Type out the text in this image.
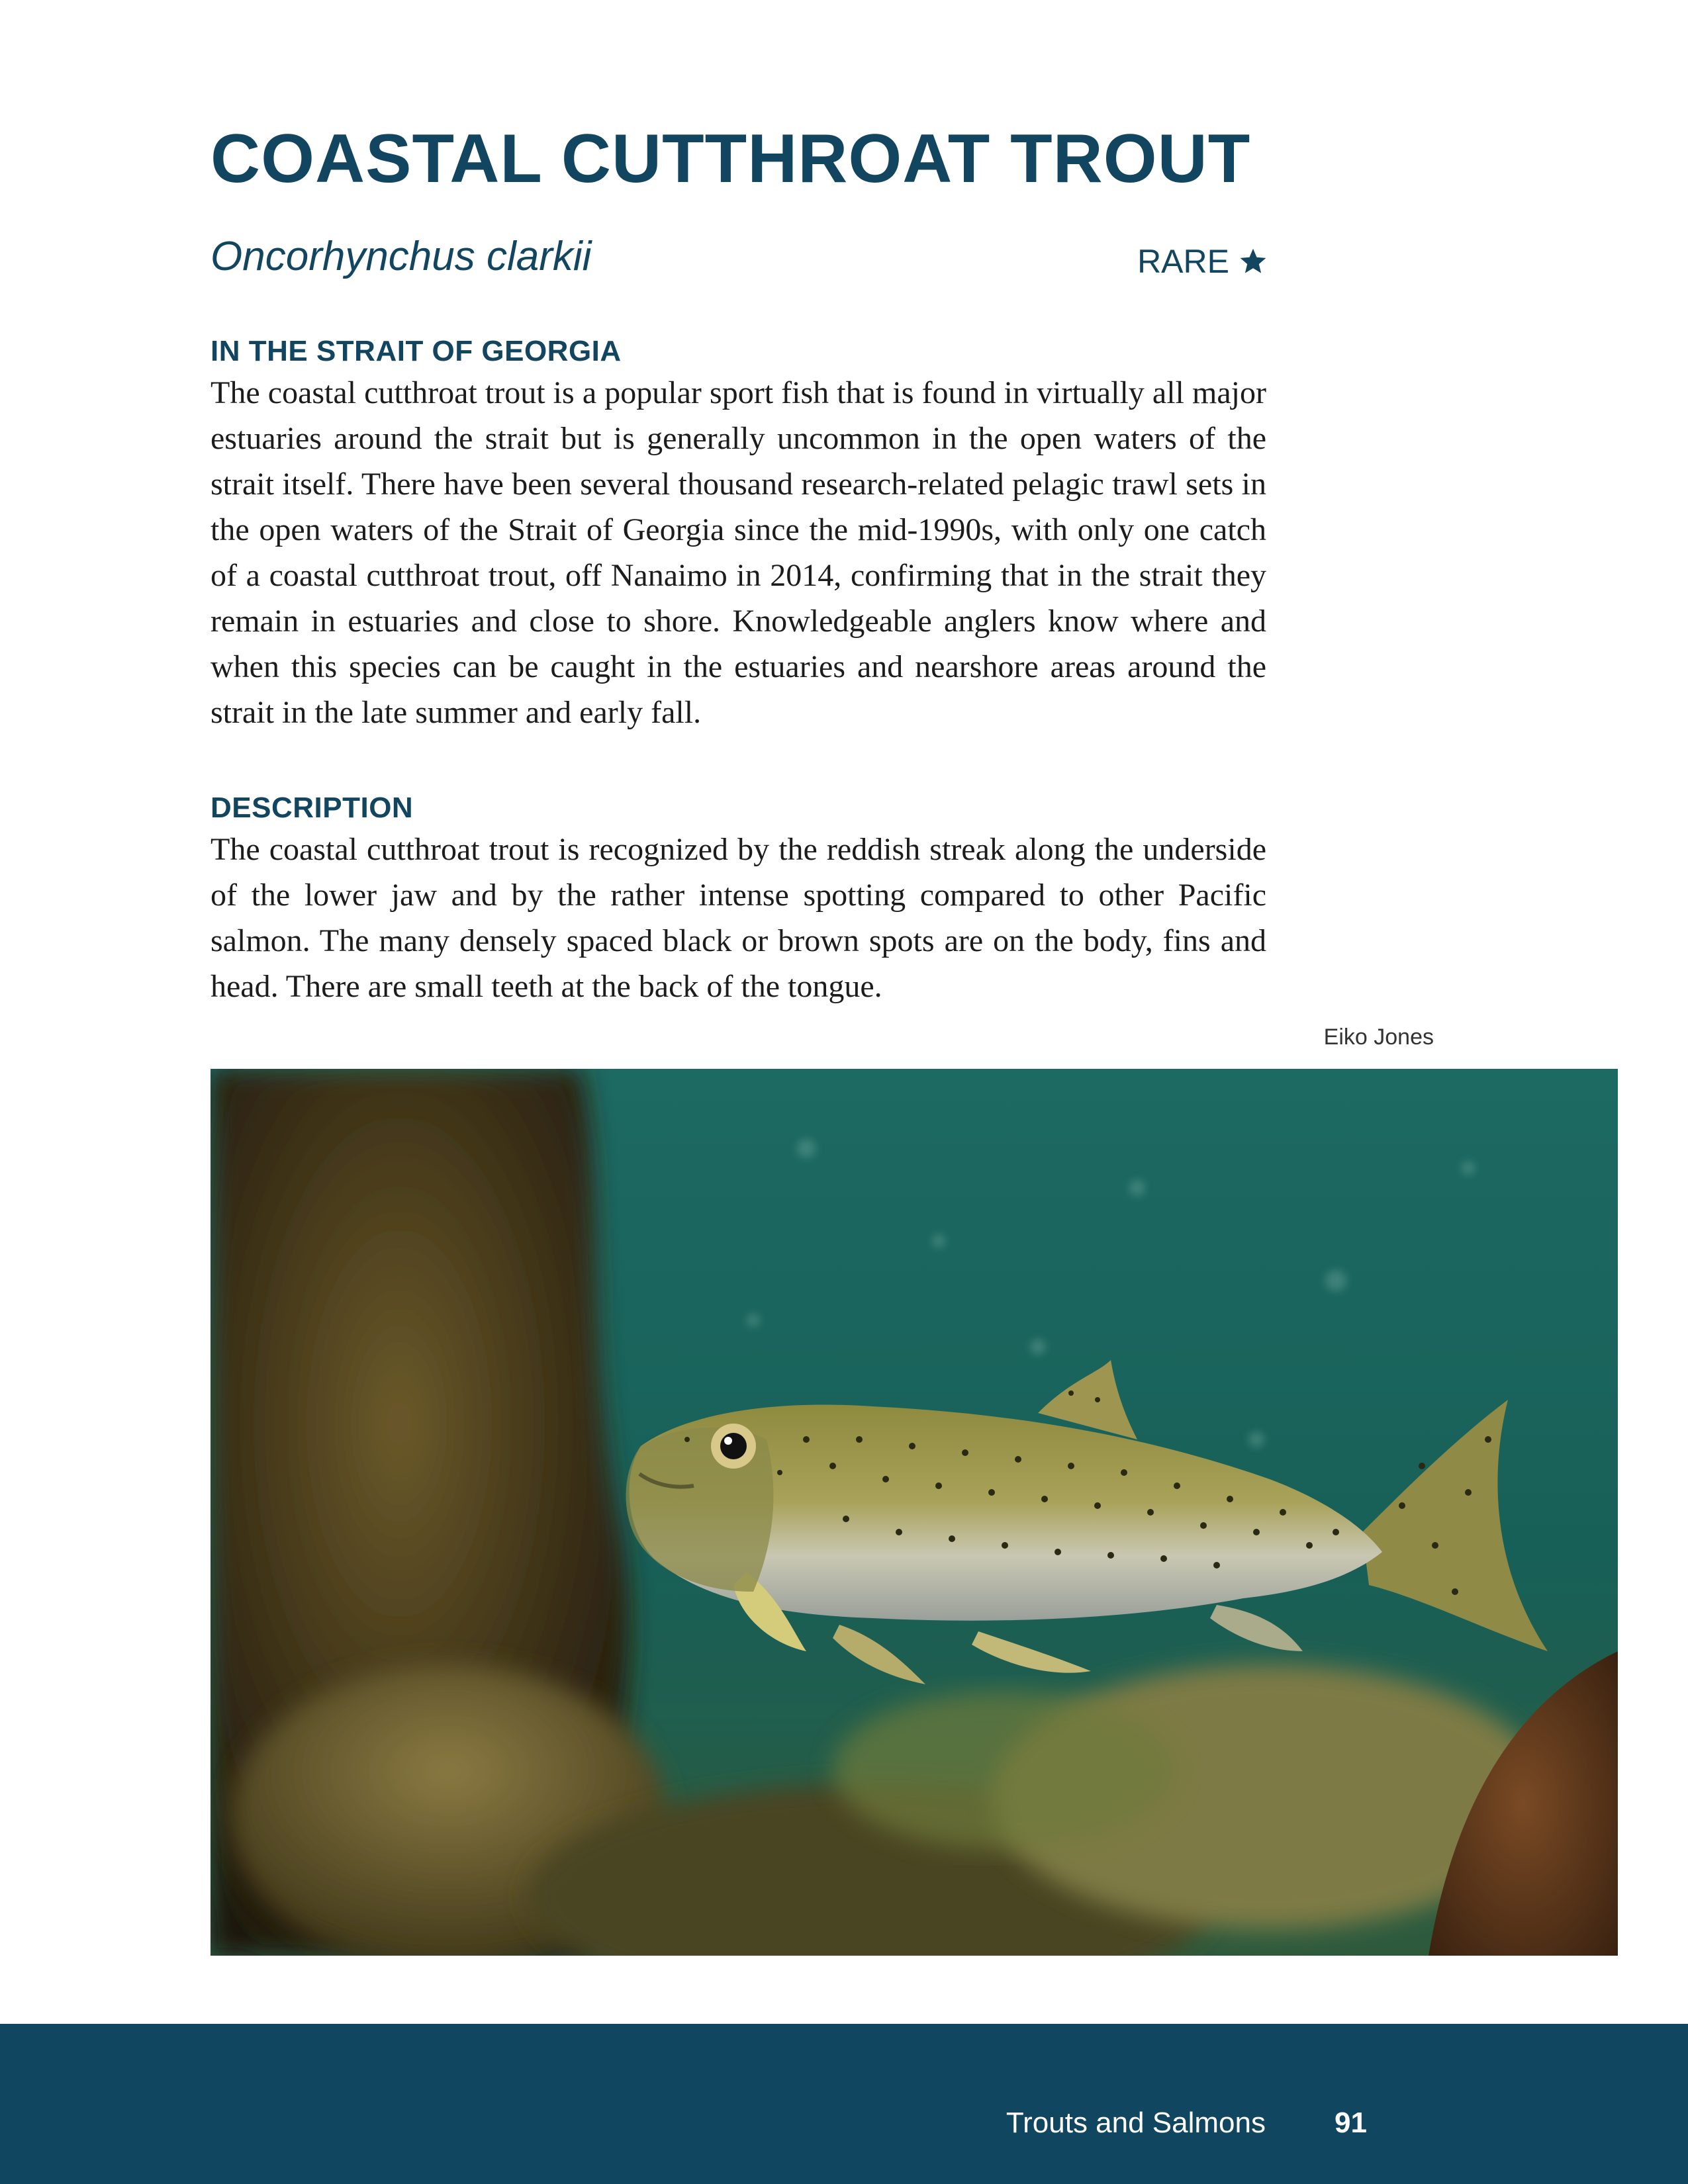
COASTAL CUTTHROAT TROUT
Oncorhynchus clarkii	RARE
IN THE STRAIT OF GEORGIA

The coastal cutthroat trout is a popular sport fish that is found in virtually all major estuaries around the strait but is generally uncommon in the open waters of the strait itself. There have been several thousand research-related pelagic trawl sets in the open waters of the Strait of Georgia since the mid-1990s, with only one catch of a coastal cutthroat trout, off Nanaimo in 2014, confirming that in the strait they remain in estuaries and close to shore. Knowledgeable anglers know where and when this species can be caught in the estuaries and nearshore areas around the strait in the late summer and early fall.

DESCRIPTION

The coastal cutthroat trout is recognized by the reddish streak along the underside of the lower jaw and by the rather intense spotting compared to other Pacific salmon. The many densely spaced black or brown spots are on the body, fins and head. There are small teeth at the back of the tongue.

Eiko Jones
Trouts and Salmons 91
